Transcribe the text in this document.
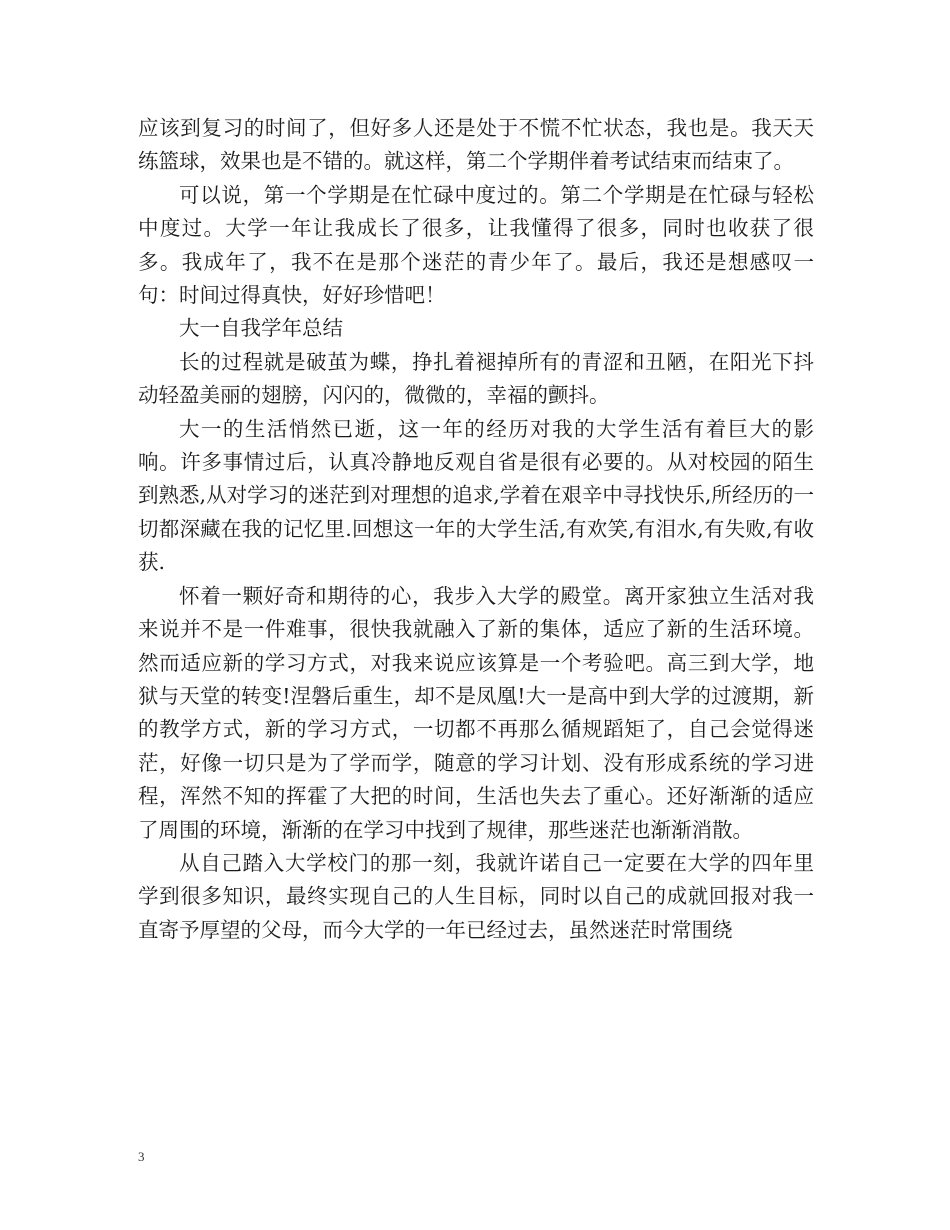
应该到复习的时间了，但好多人还是处于不慌不忙状态，我也是。我天天练篮球，效果也是不错的。就这样，第二个学期伴着考试结束而结束了。

可以说，第一个学期是在忙碌中度过的。第二个学期是在忙碌与轻松中度过。大学一年让我成长了很多，让我懂得了很多，同时也收获了很多。我成年了，我不在是那个迷茫的青少年了。最后，我还是想感叹一句：时间过得真快，好好珍惜吧！

大一自我学年总结

长的过程就是破茧为蝶，挣扎着褪掉所有的青涩和丑陋，在阳光下抖动轻盈美丽的翅膀，闪闪的，微微的，幸福的颤抖。

大一的生活悄然已逝，这一年的经历对我的大学生活有着巨大的影响。许多事情过后，认真冷静地反观自省是很有必要的。从对校园的陌生到熟悉,从对学习的迷茫到对理想的追求,学着在艰辛中寻找快乐,所经历的一切都深藏在我的记忆里.回想这一年的大学生活,有欢笑,有泪水,有失败,有收获.

怀着一颗好奇和期待的心，我步入大学的殿堂。离开家独立生活对我来说并不是一件难事，很快我就融入了新的集体，适应了新的生活环境。然而适应新的学习方式，对我来说应该算是一个考验吧。高三到大学，地狱与天堂的转变!涅磐后重生，却不是凤凰!大一是高中到大学的过渡期，新的教学方式，新的学习方式，一切都不再那么循规蹈矩了，自己会觉得迷茫，好像一切只是为了学而学，随意的学习计划、没有形成系统的学习进程，浑然不知的挥霍了大把的时间，生活也失去了重心。还好渐渐的适应了周围的环境，渐渐的在学习中找到了规律，那些迷茫也渐渐消散。

从自己踏入大学校门的那一刻，我就许诺自己一定要在大学的四年里学到很多知识，最终实现自己的人生目标，同时以自己的成就回报对我一直寄予厚望的父母，而今大学的一年已经过去，虽然迷茫时常围绕

3
